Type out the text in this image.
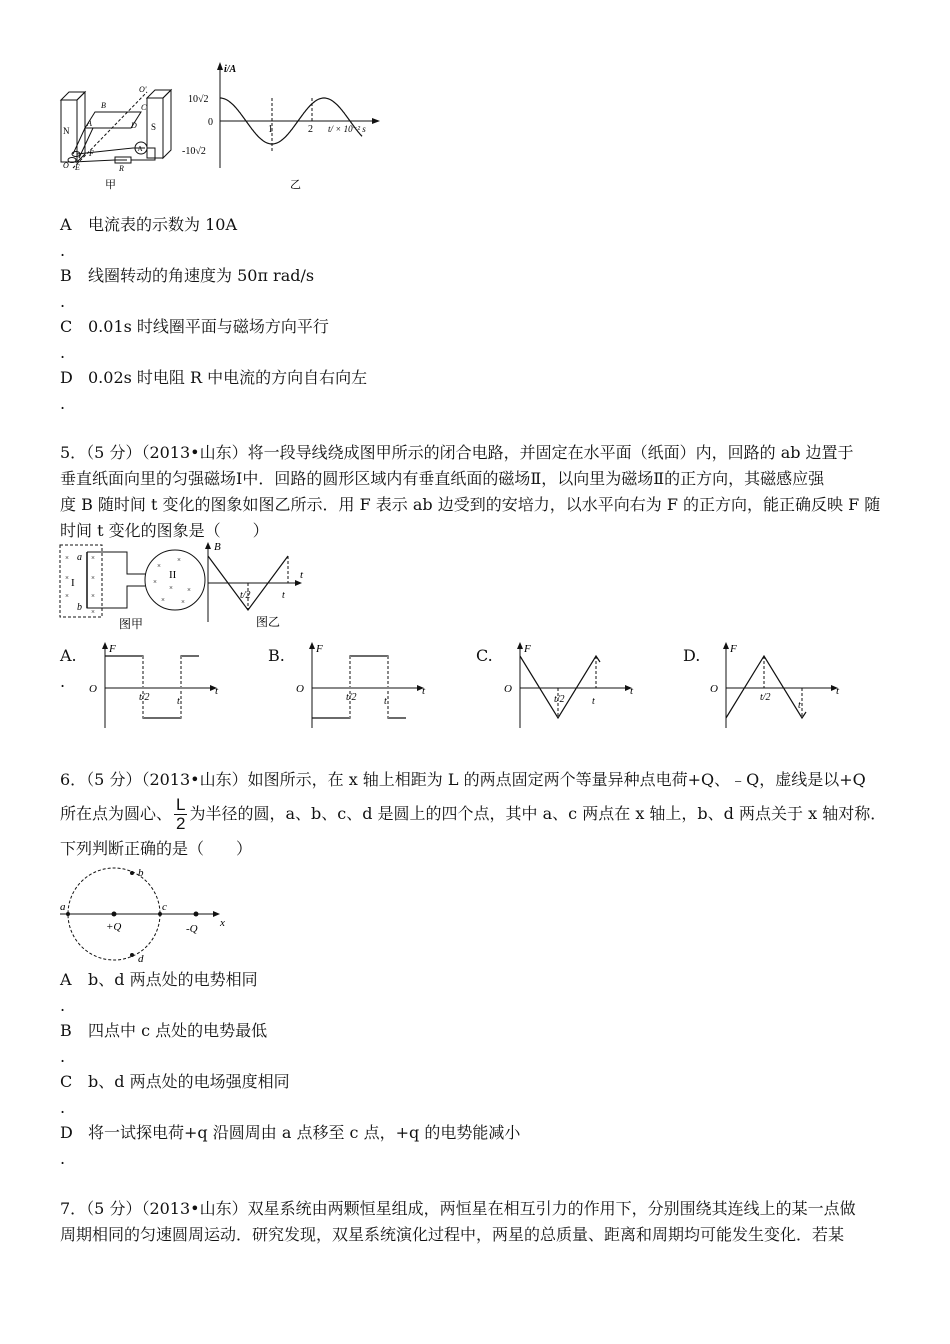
N	S
O'
B	C
A	D
O E
F
R
A
甲
i/A
10√2
0
-10√2
1	2 t/ × 10⁻² s
乙
A 电流表的示数为 10A
.
B 线圈转动的角速度为 50π rad/s
.
C 0.01s 时线圈平面与磁场方向平行
.
D 0.02s 时电阻 R 中电流的方向自右向左
.
5．（5 分）（2013•山东）将一段导线绕成图甲所示的闭合电路，并固定在水平面（纸面）内，回路的 ab 边置于
垂直纸面向里的匀强磁场Ⅰ中．回路的圆形区域内有垂直纸面的磁场Ⅱ，以向里为磁场Ⅱ的正方向，其磁感应强
度 B 随时间 t 变化的图象如图乙所示．用 F 表示 ab 边受到的安培力，以水平向右为 F 的正方向，能正确反映 F 随
时间 t 变化的图象是（　　）
×	×
×	×
×	×
×
×
×
×
× ×
× ×
a
b
I
II
图甲
B
t
t/2	t
图乙
A.
.
F
O	t
t/2	t
B.	F
O	t
t/2	t
C.	F
O	t
t/2	t
D.	F
O	t
t/2
t
6．（5 分）（2013•山东）如图所示，在 x 轴上相距为 L 的两点固定两个等量异种点电荷+Q、﹣Q，虚线是以+Q
所在点为圆心、 $\frac{L}{2}$ 为半径的圆，a、b、c、d 是圆上的四个点，其中 a、c 两点在 x 轴上，b、d 两点关于 x 轴对称．
下列判断正确的是（　　）
a
b
c
d
+Q	-Q x
A b、d 两点处的电势相同
.
B 四点中 c 点处的电势最低
.
C b、d 两点处的电场强度相同
.
D 将一试探电荷+q 沿圆周由 a 点移至 c 点，+q 的电势能减小
.
7．（5 分）（2013•山东）双星系统由两颗恒星组成，两恒星在相互引力的作用下，分别围绕其连线上的某一点做
周期相同的匀速圆周运动．研究发现，双星系统演化过程中，两星的总质量、距离和周期均可能发生变化．若某
